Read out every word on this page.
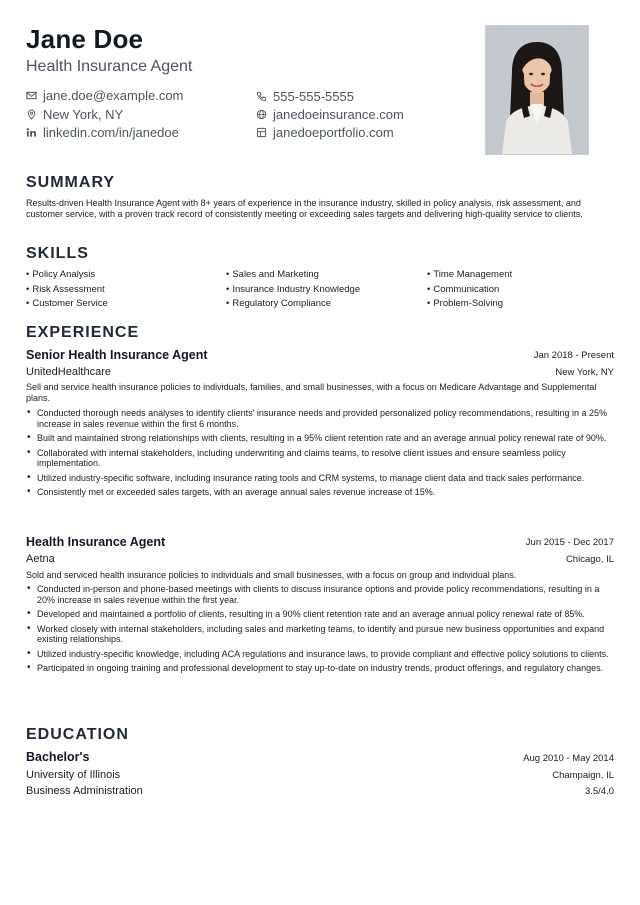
Jane Doe
Health Insurance Agent
jane.doe@example.com	555-555-5555
New York, NY	janedoeinsurance.com
linkedin.com/in/janedoe	janedoeportfolio.com
SUMMARY
Results-driven Health Insurance Agent with 8+ years of experience in the insurance industry, skilled in policy analysis, risk assessment, and customer service, with a proven track record of consistently meeting or exceeding sales targets and delivering high-quality service to clients.
SKILLS
• Policy Analysis	• Sales and Marketing	• Time Management
• Risk Assessment	• Insurance Industry Knowledge	• Communication
• Customer Service	• Regulatory Compliance	• Problem-Solving
EXPERIENCE
Senior Health Insurance Agent	Jan 2018 - Present
UnitedHealthcare	New York, NY
Sell and service health insurance policies to individuals, families, and small businesses, with a focus on Medicare Advantage and Supplemental plans.
• Conducted thorough needs analyses to identify clients' insurance needs and provided personalized policy recommendations, resulting in a 25% increase in sales revenue within the first 6 months.
• Built and maintained strong relationships with clients, resulting in a 95% client retention rate and an average annual policy renewal rate of 90%.
• Collaborated with internal stakeholders, including underwriting and claims teams, to resolve client issues and ensure seamless policy implementation.
• Utilized industry-specific software, including insurance rating tools and CRM systems, to manage client data and track sales performance.
• Consistently met or exceeded sales targets, with an average annual sales revenue increase of 15%.
Health Insurance Agent	Jun 2015 - Dec 2017
Aetna	Chicago, IL
Sold and serviced health insurance policies to individuals and small businesses, with a focus on group and individual plans.
• Conducted in-person and phone-based meetings with clients to discuss insurance options and provide policy recommendations, resulting in a 20% increase in sales revenue within the first year.
• Developed and maintained a portfolio of clients, resulting in a 90% client retention rate and an average annual policy renewal rate of 85%.
• Worked closely with internal stakeholders, including sales and marketing teams, to identify and pursue new business opportunities and expand existing relationships.
• Utilized industry-specific knowledge, including ACA regulations and insurance laws, to provide compliant and effective policy solutions to clients.
• Participated in ongoing training and professional development to stay up-to-date on industry trends, product offerings, and regulatory changes.
EDUCATION
Bachelor's	Aug 2010 - May 2014
University of Illinois	Champaign, IL
Business Administration	3.5/4.0
